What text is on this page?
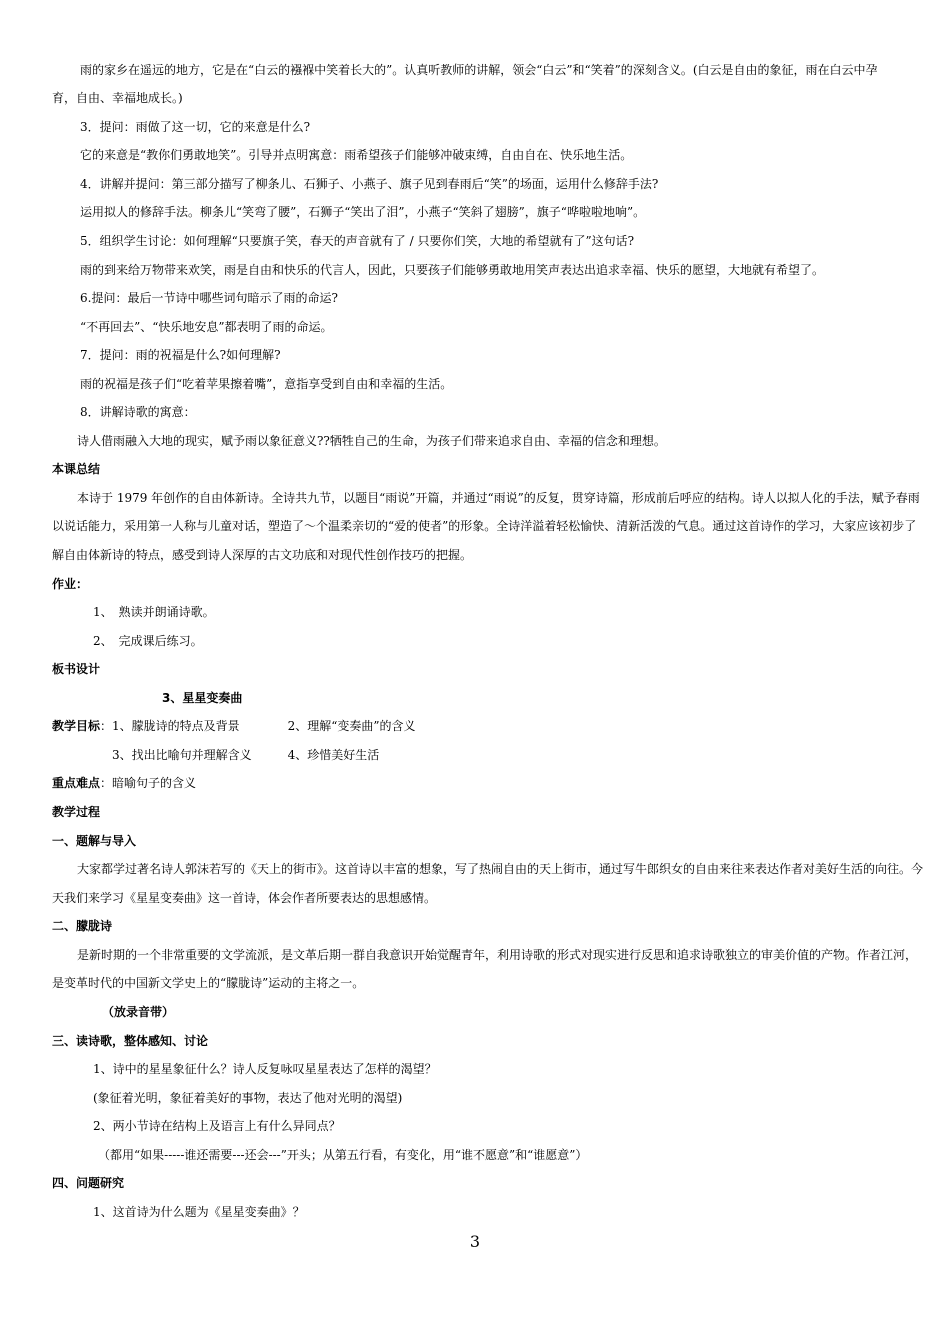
雨的家乡在遥远的地方，它是在“白云的襁褓中笑着长大的”。认真听教师的讲解，领会“白云”和“笑着”的深刻含义。(白云是自由的象征，雨在白云中孕
育，自由、幸福地成长。)
3．提问：雨做了这一切，它的来意是什么?
它的来意是“教你们勇敢地笑”。引导并点明寓意：雨希望孩子们能够冲破束缚，自由自在、快乐地生活。
4．讲解并提问：第三部分描写了柳条儿、石狮子、小燕子、旗子见到春雨后“笑”的场面，运用什么修辞手法?
运用拟人的修辞手法。柳条儿“笑弯了腰”，石狮子“笑出了泪”，小燕子“笑斜了翅膀”，旗子“哗啦啦地响”。
5．组织学生讨论：如何理解“只要旗子笑，春天的声音就有了 / 只要你们笑，大地的希望就有了”这句话?
雨的到来给万物带来欢笑，雨是自由和快乐的代言人，因此，只要孩子们能够勇敢地用笑声表达出追求幸福、快乐的愿望，大地就有希望了。
6.提问：最后一节诗中哪些词句暗示了雨的命运?
“不再回去”、“快乐地安息”都表明了雨的命运。
7．提问：雨的祝福是什么?如何理解?
雨的祝福是孩子们“吃着苹果擦着嘴”，意指享受到自由和幸福的生活。
8．讲解诗歌的寓意：
诗人借雨融入大地的现实，赋予雨以象征意义??牺牲自己的生命，为孩子们带来追求自由、幸福的信念和理想。
本课总结
本诗于 1979 年创作的自由体新诗。全诗共九节，以题目“雨说”开篇，并通过“雨说”的反复，贯穿诗篇，形成前后呼应的结构。诗人以拟人化的手法，赋予春雨
以说话能力，采用第一人称与儿童对话，塑造了～个温柔亲切的“爱的使者”的形象。全诗洋溢着轻松愉快、清新活泼的气息。通过这首诗作的学习，大家应该初步了
解自由体新诗的特点，感受到诗人深厚的古文功底和对现代性创作技巧的把握。
作业：
1、　熟读并朗诵诗歌。
2、　完成课后练习。
板书设计
3、星星变奏曲
教学目标：1、朦胧诗的特点及背景　　　　2、理解“变奏曲”的含义
3、找出比喻句并理解含义　　　4、珍惜美好生活
重点难点：暗喻句子的含义
教学过程
一、题解与导入
大家都学过著名诗人郭沫若写的《天上的街市》。这首诗以丰富的想象，写了热闹自由的天上街市，通过写牛郎织女的自由来往来表达作者对美好生活的向往。今
天我们来学习《星星变奏曲》这一首诗，体会作者所要表达的思想感情。
二、朦胧诗
是新时期的一个非常重要的文学流派，是文革后期一群自我意识开始觉醒青年，利用诗歌的形式对现实进行反思和追求诗歌独立的审美价值的产物。作者江河，
是变革时代的中国新文学史上的“朦胧诗”运动的主将之一。
（放录音带）
三、读诗歌，整体感知、讨论
1、诗中的星星象征什么？诗人反复咏叹星星表达了怎样的渴望？
(象征着光明，象征着美好的事物，表达了他对光明的渴望)
2、两小节诗在结构上及语言上有什么异同点？
（都用“如果-----谁还需要---还会---”开头；从第五行看，有变化，用“谁不愿意”和“谁愿意”）
四、问题研究
1、这首诗为什么题为《星星变奏曲》？
3
